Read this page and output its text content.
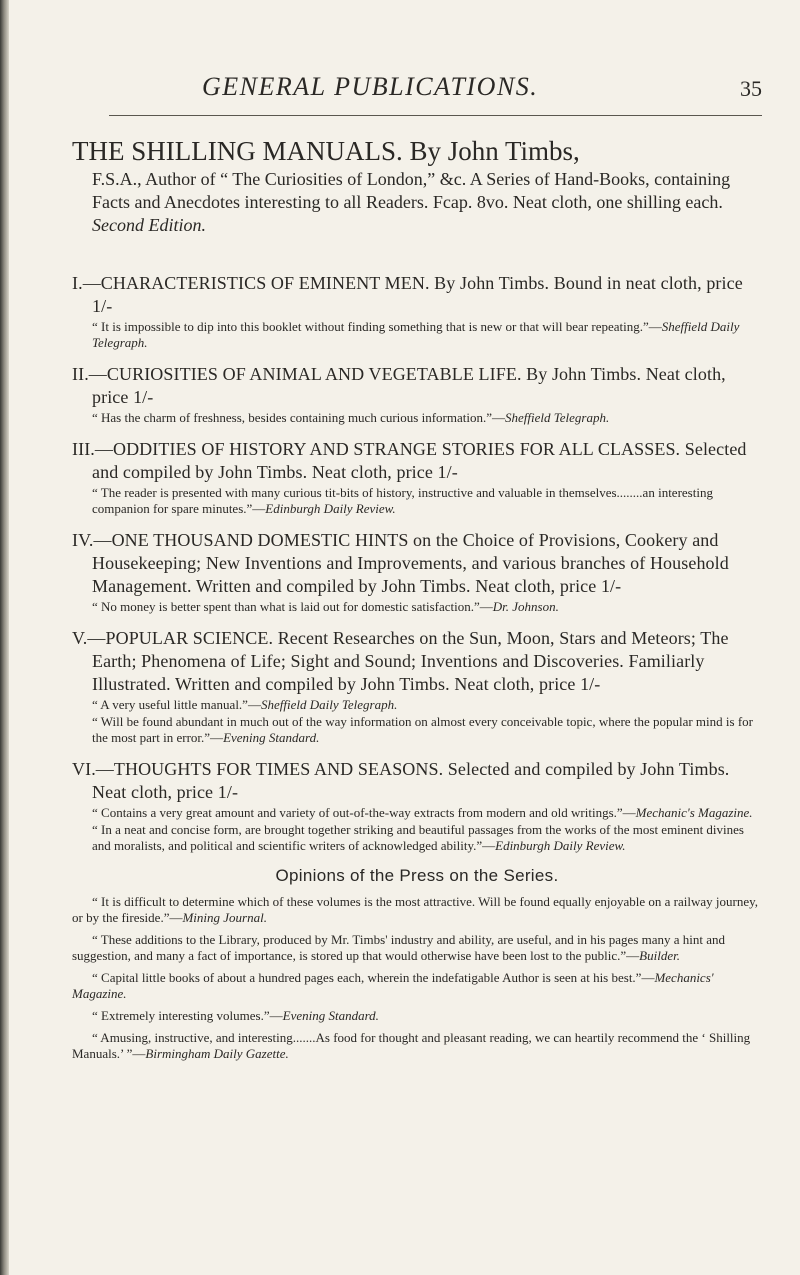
GENERAL PUBLICATIONS.	35

THE SHILLING MANUALS. By John Timbs,

F.S.A., Author of “ The Curiosities of London,” &c. A Series of Hand-Books, containing Facts and Anecdotes interesting to all Readers. Fcap. 8vo. Neat cloth, one shilling each. Second Edition.

I.—CHARACTERISTICS OF EMINENT MEN. By John Timbs. Bound in neat cloth, price 1/-

“ It is impossible to dip into this booklet without finding something that is new or that will bear repeating.”—Sheffield Daily Telegraph.

II.—CURIOSITIES OF ANIMAL AND VEGETABLE LIFE. By John Timbs. Neat cloth, price 1/-

“ Has the charm of freshness, besides containing much curious information.”—Sheffield Telegraph.

III.—ODDITIES OF HISTORY AND STRANGE STORIES FOR ALL CLASSES. Selected and compiled by John Timbs. Neat cloth, price 1/-

“ The reader is presented with many curious tit-bits of history, instructive and valuable in themselves........an interesting companion for spare minutes.”—Edinburgh Daily Review.

IV.—ONE THOUSAND DOMESTIC HINTS on the Choice of Provisions, Cookery and Housekeeping; New Inventions and Improvements, and various branches of Household Management. Written and compiled by John Timbs. Neat cloth, price 1/-

“ No money is better spent than what is laid out for domestic satisfaction.”—Dr. Johnson.

V.—POPULAR SCIENCE. Recent Researches on the Sun, Moon, Stars and Meteors; The Earth; Phenomena of Life; Sight and Sound; Inventions and Discoveries. Familiarly Illustrated. Written and compiled by John Timbs. Neat cloth, price 1/-

“ A very useful little manual.”—Sheffield Daily Telegraph.

“ Will be found abundant in much out of the way information on almost every conceivable topic, where the popular mind is for the most part in error.”—Evening Standard.

VI.—THOUGHTS FOR TIMES AND SEASONS. Selected and compiled by John Timbs. Neat cloth, price 1/-

“ Contains a very great amount and variety of out-of-the-way extracts from modern and old writings.”—Mechanic's Magazine.

“ In a neat and concise form, are brought together striking and beautiful passages from the works of the most eminent divines and moralists, and political and scientific writers of acknowledged ability.”—Edinburgh Daily Review.

Opinions of the Press on the Series.

“ It is difficult to determine which of these volumes is the most attractive. Will be found equally enjoyable on a railway journey, or by the fireside.”—Mining Journal.

“ These additions to the Library, produced by Mr. Timbs' industry and ability, are useful, and in his pages many a hint and suggestion, and many a fact of importance, is stored up that would otherwise have been lost to the public.”—Builder.

“ Capital little books of about a hundred pages each, wherein the indefatigable Author is seen at his best.”—Mechanics' Magazine.

“ Extremely interesting volumes.”—Evening Standard.

“ Amusing, instructive, and interesting.......As food for thought and pleasant reading, we can heartily recommend the ‘ Shilling Manuals.’ ”—Birmingham Daily Gazette.
